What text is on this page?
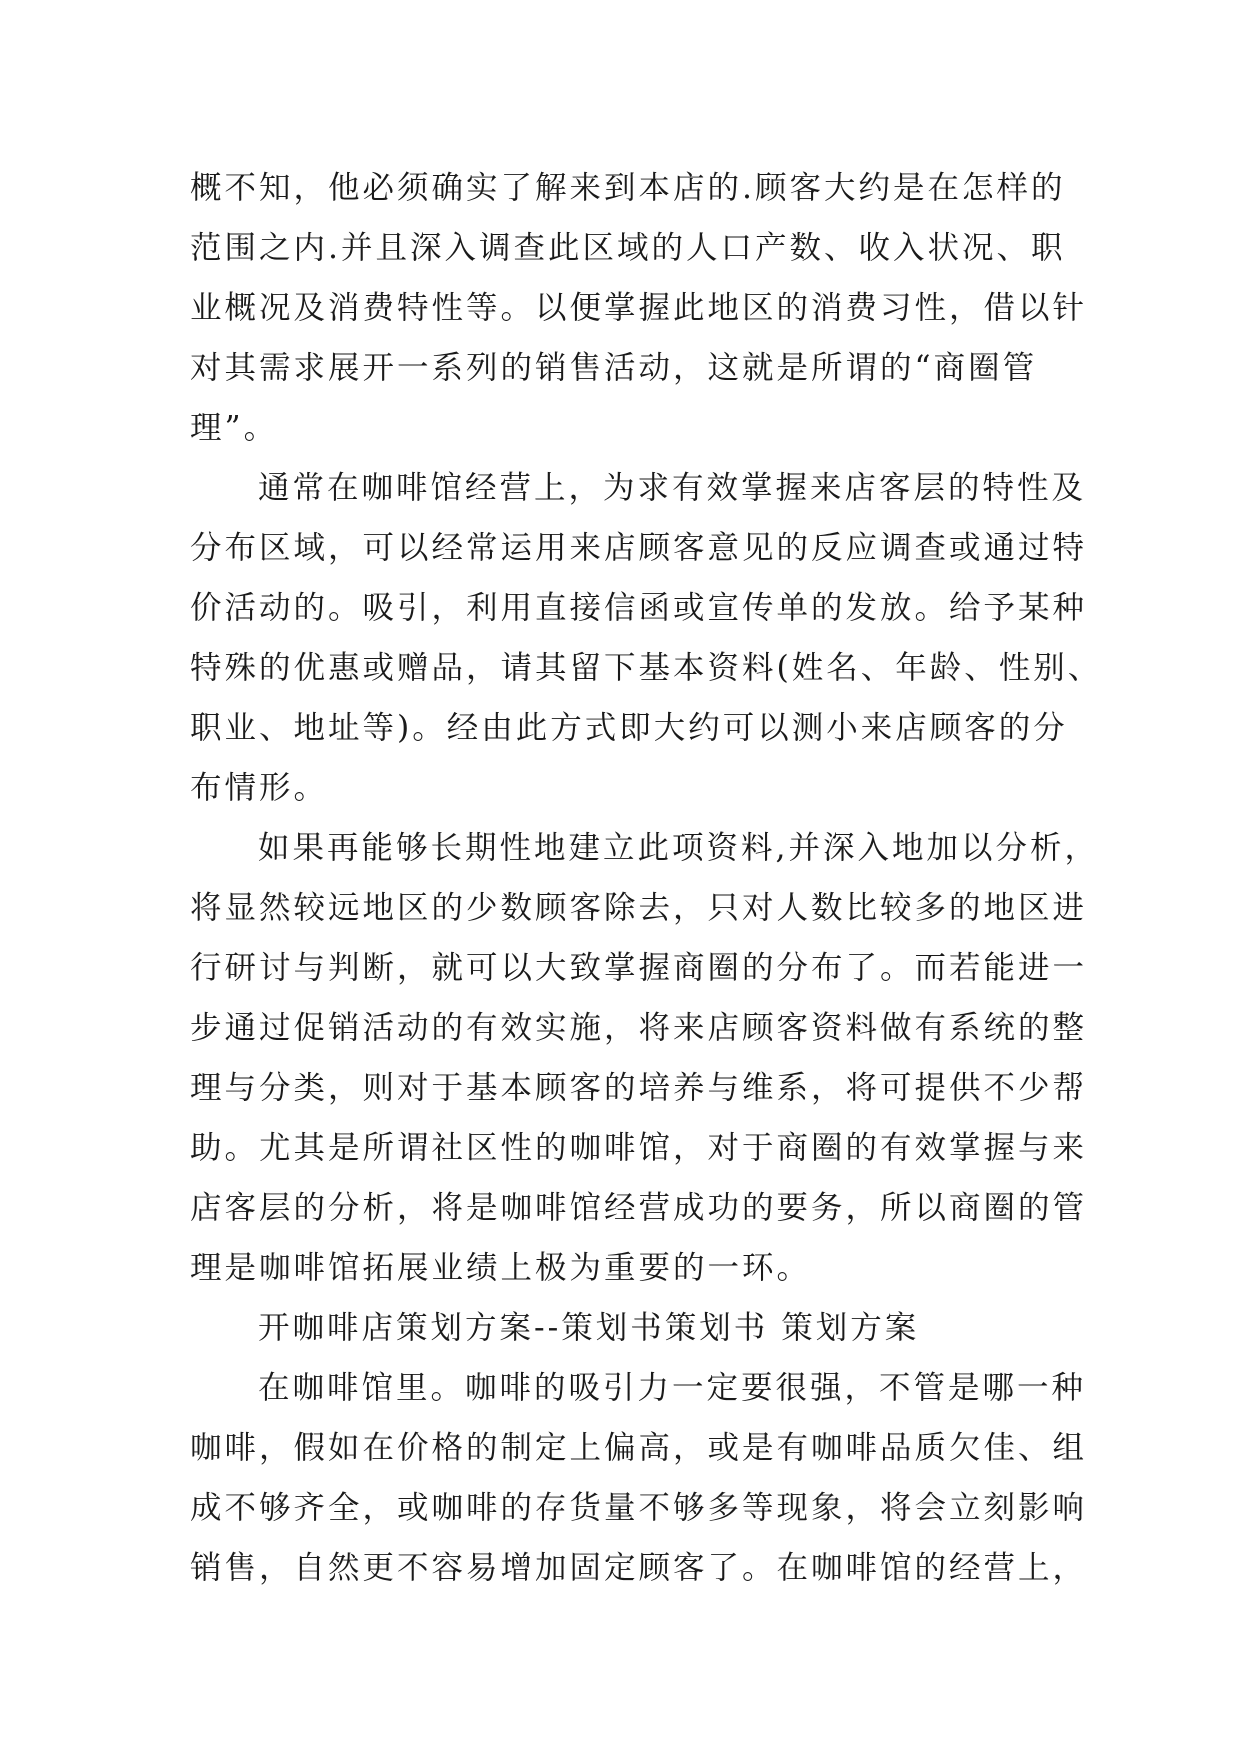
概不知，他必须确实了解来到本店的.顾客大约是在怎样的
范围之内.并且深入调查此区域的人口产数、收入状况、职
业概况及消费特性等。以便掌握此地区的消费习性，借以针
对其需求展开一系列的销售活动，这就是所谓的“商圈管
理”。
通常在咖啡馆经营上，为求有效掌握来店客层的特性及
分布区域，可以经常运用来店顾客意见的反应调查或通过特
价活动的。吸引，利用直接信函或宣传单的发放。给予某种
特殊的优惠或赠品，请其留下基本资料(姓名、年龄、性别、
职业、地址等)。经由此方式即大约可以测小来店顾客的分
布情形。
如果再能够长期性地建立此项资料,并深入地加以分析，
将显然较远地区的少数顾客除去，只对人数比较多的地区进
行研讨与判断，就可以大致掌握商圈的分布了。而若能进一
步通过促销活动的有效实施，将来店顾客资料做有系统的整
理与分类，则对于基本顾客的培养与维系，将可提供不少帮
助。尤其是所谓社区性的咖啡馆，对于商圈的有效掌握与来
店客层的分析，将是咖啡馆经营成功的要务，所以商圈的管
理是咖啡馆拓展业绩上极为重要的一环。
开咖啡店策划方案--策划书策划书 策划方案
在咖啡馆里。咖啡的吸引力一定要很强，不管是哪一种
咖啡，假如在价格的制定上偏高，或是有咖啡品质欠佳、组
成不够齐全，或咖啡的存货量不够多等现象，将会立刻影响
销售，自然更不容易增加固定顾客了。在咖啡馆的经营上，
